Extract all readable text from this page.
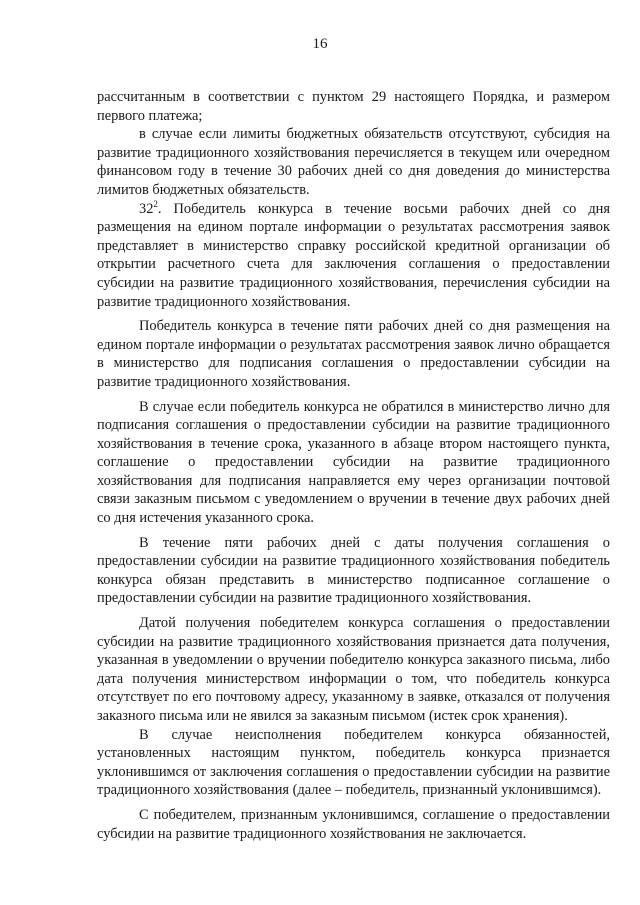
16

рассчитанным в соответствии с пунктом 29 настоящего Порядка, и размером первого платежа;

в случае если лимиты бюджетных обязательств отсутствуют, субсидия на развитие традиционного хозяйствования перечисляется в текущем или очередном финансовом году в течение 30 рабочих дней со дня доведения до министерства лимитов бюджетных обязательств.

$32^2$. Победитель конкурса в течение восьми рабочих дней со дня размещения на едином портале информации о результатах рассмотрения заявок представляет в министерство справку российской кредитной организации об открытии расчетного счета для заключения соглашения о предоставлении субсидии на развитие традиционного хозяйствования, перечисления субсидии на развитие традиционного хозяйствования.

Победитель конкурса в течение пяти рабочих дней со дня размещения на едином портале информации о результатах рассмотрения заявок лично обращается в министерство для подписания соглашения о предоставлении субсидии на развитие традиционного хозяйствования.

В случае если победитель конкурса не обратился в министерство лично для подписания соглашения о предоставлении субсидии на развитие традиционного хозяйствования в течение срока, указанного в абзаце втором настоящего пункта, соглашение о предоставлении субсидии на развитие традиционного хозяйствования для подписания направляется ему через организации почтовой связи заказным письмом с уведомлением о вручении в течение двух рабочих дней со дня истечения указанного срока.

В течение пяти рабочих дней с даты получения соглашения о предоставлении субсидии на развитие традиционного хозяйствования победитель конкурса обязан представить в министерство подписанное соглашение о предоставлении субсидии на развитие традиционного хозяйствования.

Датой получения победителем конкурса соглашения о предоставлении субсидии на развитие традиционного хозяйствования признается дата получения, указанная в уведомлении о вручении победителю конкурса заказного письма, либо дата получения министерством информации о том, что победитель конкурса отсутствует по его почтовому адресу, указанному в заявке, отказался от получения заказного письма или не явился за заказным письмом (истек срок хранения).

В случае неисполнения победителем конкурса обязанностей, установленных настоящим пунктом, победитель конкурса признается уклонившимся от заключения соглашения о предоставлении субсидии на развитие традиционного хозяйствования (далее – победитель, признанный уклонившимся).

С победителем, признанным уклонившимся, соглашение о предоставлении субсидии на развитие традиционного хозяйствования не заключается.
